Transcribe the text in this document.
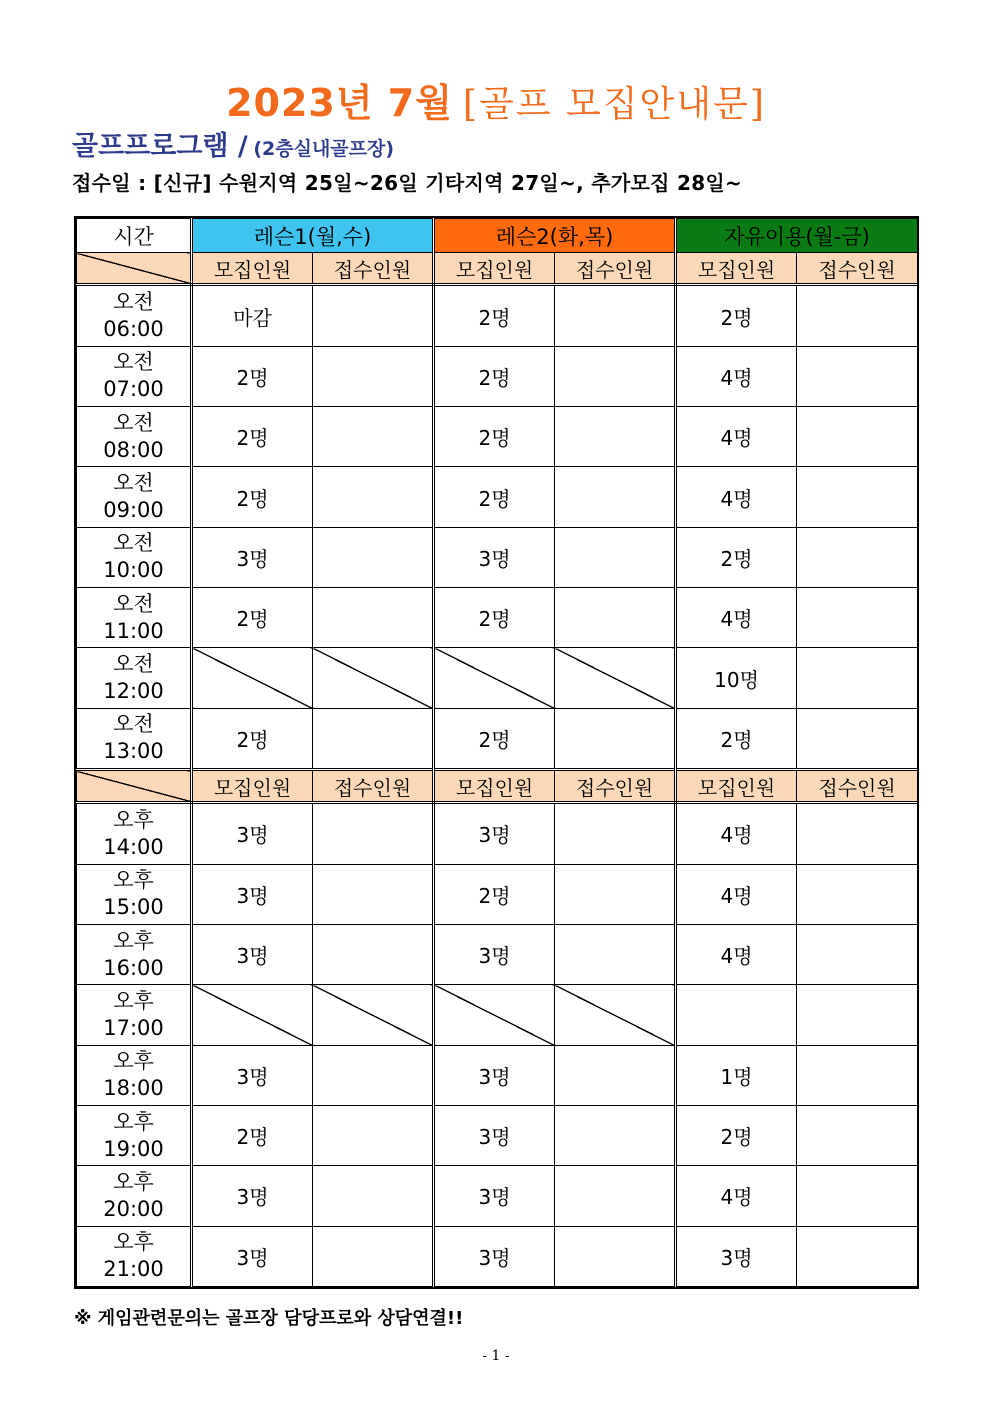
2023년 7월 [골프 모집안내문]
골프프로그램 / (2층실내골프장)
접수일 : [신규] 수원지역 25일~26일 기타지역 27일~, 추가모집 28일~
시간	레슨1(월,수)		레슨2(화,목)		자유이용(월-금)	
	모집인원	접수인원	모집인원	접수인원	모집인원	접수인원

오전
06:00	마감		2명		2명	

오전
07:00	2명		2명		4명	

오전
08:00	2명		2명		4명	

오전
09:00	2명		2명		4명	

오전
10:00	3명		3명		2명	

오전
11:00	2명		2명		4명	

오전
12:00					10명	

오전
13:00	2명		2명		2명	
	모집인원	접수인원	모집인원	접수인원	모집인원	접수인원

오후
14:00	3명		3명		4명	

오후
15:00	3명		2명		4명	

오후
16:00	3명		3명		4명	

오후
17:00						

오후
18:00	3명		3명		1명	

오후
19:00	2명		3명		2명	

오후
20:00	3명		3명		4명	

오후
21:00	3명		3명		3명	
※ 게임관련문의는 골프장 담당프로와 상담연결!!
- 1 -
